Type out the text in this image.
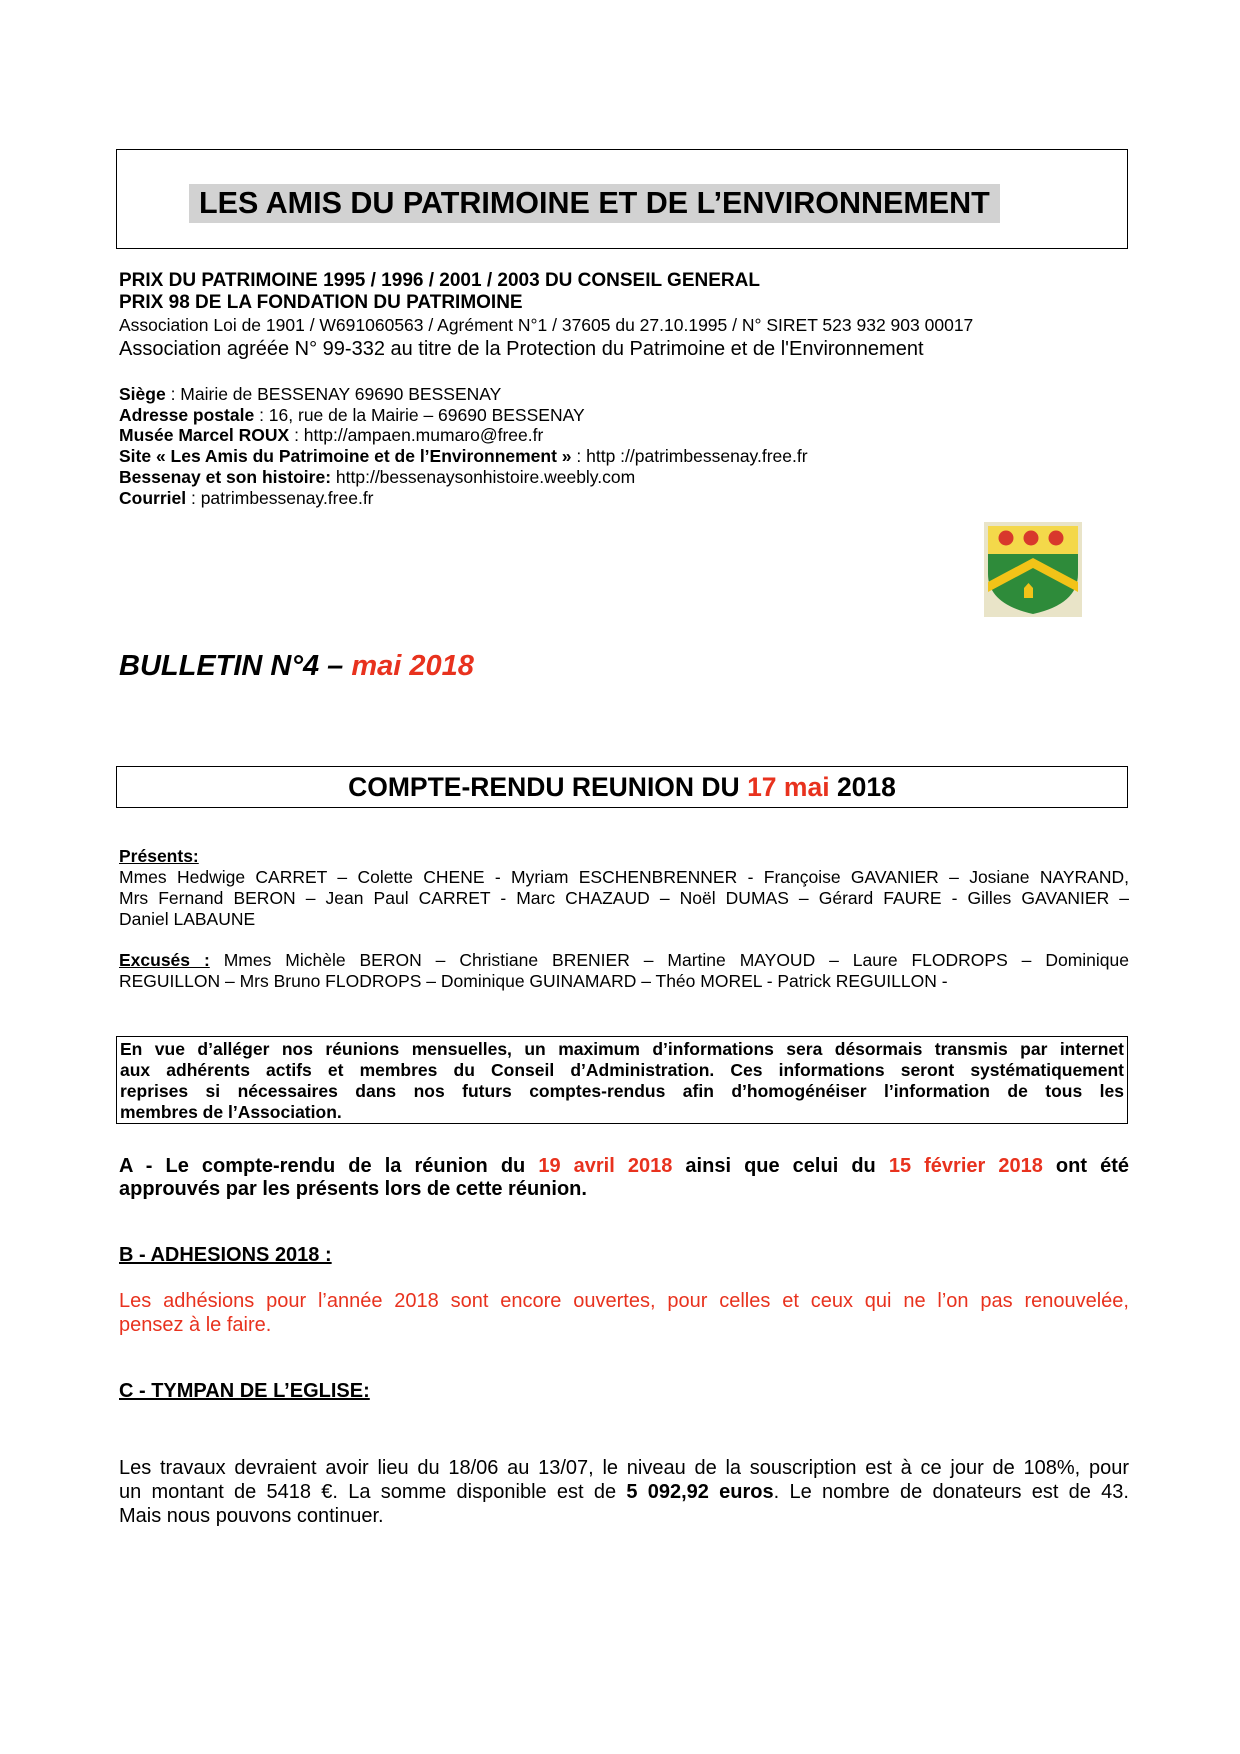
LES AMIS DU PATRIMOINE ET DE L’ENVIRONNEMENT
PRIX DU PATRIMOINE 1995 / 1996 / 2001 / 2003 DU CONSEIL GENERAL
PRIX 98 DE LA FONDATION DU PATRIMOINE
Association Loi de 1901 / W691060563 / Agrément N°1 / 37605 du 27.10.1995 / N° SIRET 523 932 903 00017
Association agréée N° 99-332 au titre de la Protection du Patrimoine et de l'Environnement
Siège : Mairie de BESSENAY 69690 BESSENAY
Adresse postale : 16, rue de la Mairie – 69690 BESSENAY
Musée Marcel ROUX : http://ampaen.mumaro@free.fr
Site « Les Amis du Patrimoine et de l’Environnement » : http ://patrimbessenay.free.fr
Bessenay et son histoire: http://bessenaysonhistoire.weebly.com
Courriel : patrimbessenay.free.fr
BULLETIN N°4 – mai 2018
COMPTE-RENDU REUNION DU 17 mai 2018
Présents:
Mmes Hedwige CARRET – Colette CHENE - Myriam ESCHENBRENNER - Françoise GAVANIER – Josiane NAYRAND,
Mrs Fernand BERON – Jean Paul CARRET - Marc CHAZAUD – Noël DUMAS – Gérard FAURE - Gilles GAVANIER –
Daniel LABAUNE
Excusés : Mmes Michèle BERON – Christiane BRENIER – Martine MAYOUD – Laure FLODROPS – Dominique
REGUILLON – Mrs Bruno FLODROPS – Dominique GUINAMARD – Théo MOREL - Patrick REGUILLON -
En vue d’alléger nos réunions mensuelles, un maximum d’informations sera désormais transmis par internet
aux adhérents actifs et membres du Conseil d’Administration. Ces informations seront systématiquement
reprises si nécessaires dans nos futurs comptes-rendus afin d’homogénéiser l’information de tous les
membres de l’Association.
A - Le compte-rendu de la réunion du 19 avril 2018 ainsi que celui du 15 février 2018 ont été
approuvés par les présents lors de cette réunion.
B - ADHESIONS 2018 :
Les adhésions pour l’année 2018 sont encore ouvertes, pour celles et ceux qui ne l’on pas renouvelée,
pensez à le faire.
C - TYMPAN DE L’EGLISE:
Les travaux devraient avoir lieu du 18/06 au 13/07, le niveau de la souscription est à ce jour de 108%, pour
un montant de 5418 €. La somme disponible est de 5 092,92 euros. Le nombre de donateurs est de 43.
Mais nous pouvons continuer.
